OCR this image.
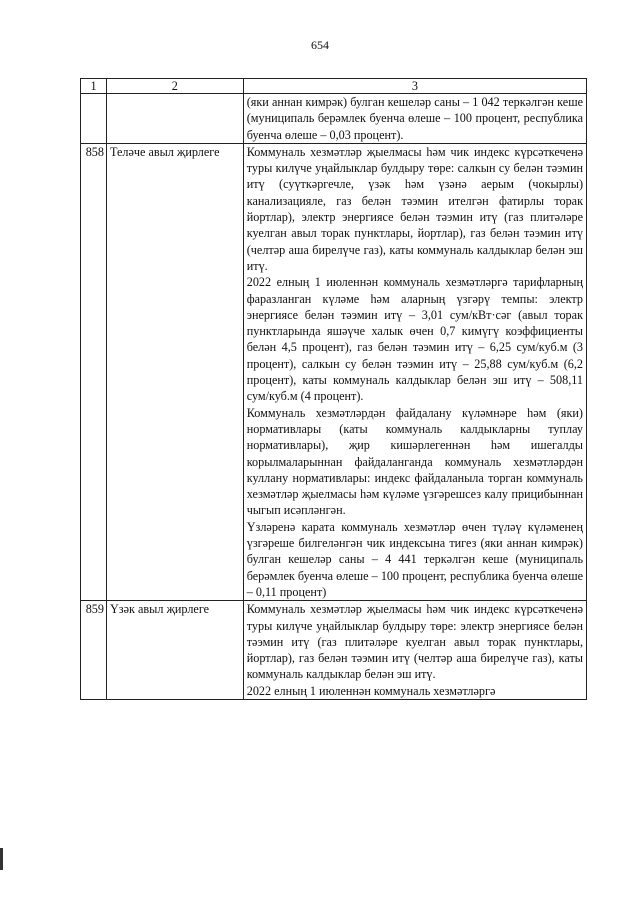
654
1	2	3

		(яки аннан кимрәк) булган кешеләр саны – 1 042 теркәлгән кеше (муниципаль берәмлек буенча өлеше – 100 процент, республика буенча өлеше – 0,03 процент).

858	Теләче авыл җирлеге	Коммуналь хезмәтләр җыелмасы һәм чик индекс күрсәткеченә туры килүче уңайлыклар булдыру төре: салкын су белән тәэмин итү (суүткәргечле, үзәк һәм үзәнә аерым (чокырлы) канализацияле, газ белән тәэмин ителгән фатирлы торак йортлар), электр энергиясе белән тәэмин итү (газ плитәләре куелган авыл торак пунктлары, йортлар), газ белән тәэмин итү (челтәр аша бирелүче газ), каты коммуналь калдыклар белән эш итү.
2022 елның 1 июленнән коммуналь хезмәтләргә тарифларның фаразланган күләме һәм аларның үзгәрү темпы: электр энергиясе белән тәэмин итү – 3,01 сум/кВт·сәг (авыл торак пунктларында яшәүче халык өчен 0,7 кимүгү коэффициенты белән 4,5 процент), газ белән тәэмин итү – 6,25 сум/куб.м (3 процент), салкын су белән тәэмин итү – 25,88 сум/куб.м (6,2 процент), каты коммуналь калдыклар белән эш итү – 508,11 сум/куб.м (4 процент).
Коммуналь хезмәтләрдән файдалану күләмнәре һәм (яки) нормативлары (каты коммуналь калдыкларны туплау нормативлары), җир кишәрлегеннән һәм ишегалды корылмаларыннан файдаланганда коммуналь хезмәтләрдән куллану нормативлары: индекс файдаланыла торган коммуналь хезмәтләр җыелмасы һәм күләме үзгәрешсез калу прицибыннан чыгып исәпләнгән.
Үзләренә карата коммуналь хезмәтләр өчен түләү күләменең үзгәреше билгеләнгән чик индексына тигез (яки аннан кимрәк) булган кешеләр саны – 4 441 теркәлгән кеше (муниципаль берәмлек буенча өлеше – 100 процент, республика буенча өлеше – 0,11 процент)

859	Үзәк авыл җирлеге	Коммуналь хезмәтләр җыелмасы һәм чик индекс күрсәткеченә туры килүче уңайлыклар булдыру төре: электр энергиясе белән тәэмин итү (газ плитәләре куелган авыл торак пунктлары, йортлар), газ белән тәэмин итү (челтәр аша бирелүче газ), каты коммуналь калдыклар белән эш итү.
2022 елның 1 июленнән коммуналь хезмәтләргә
